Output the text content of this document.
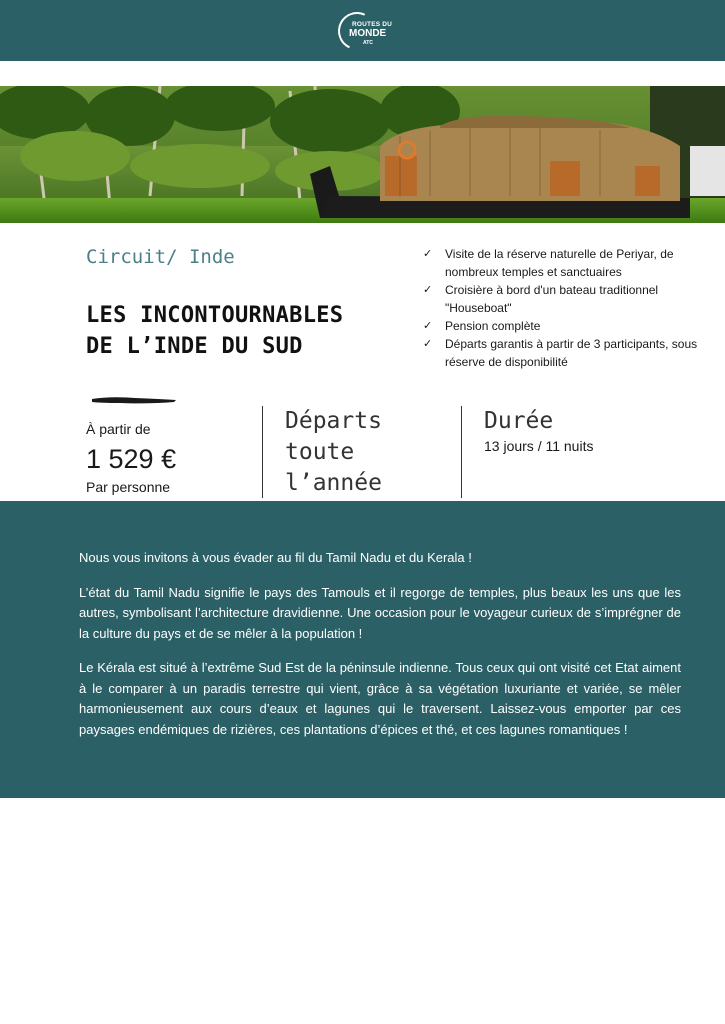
ROUTES DU
MONDE
ATC
Circuit/ Inde
LES INCONTOURNABLES
DE L’INDE DU SUD
✓ Visite de la réserve naturelle de Periyar, de nombreux temples et sanctuaires
✓ Croisière à bord d'un bateau traditionnel "Houseboat"
✓ Pension complète
✓ Départs garantis à partir de 3 participants, sous réserve de disponibilité
À partir de
1 529 €
Par personne
Départs
toute
l’année
Durée
13 jours / 11 nuits

Nous vous invitons à vous évader au fil du Tamil Nadu et du Kerala !

L’état du Tamil Nadu signifie le pays des Tamouls et il regorge de temples, plus beaux les uns que les autres, symbolisant l’architecture dravidienne. Une occasion pour le voyageur curieux de s’imprégner de la culture du pays et de se mêler à la population !

Le Kérala est situé à l’extrême Sud Est de la péninsule indienne. Tous ceux qui ont visité cet Etat aiment à le comparer à un paradis terrestre qui vient, grâce à sa végétation luxuriante et variée, se mêler harmonieusement aux cours d’eaux et lagunes qui le traversent. Laissez-vous emporter par ces paysages endémiques de rizières, ces plantations d’épices et thé, et ces lagunes romantiques !
